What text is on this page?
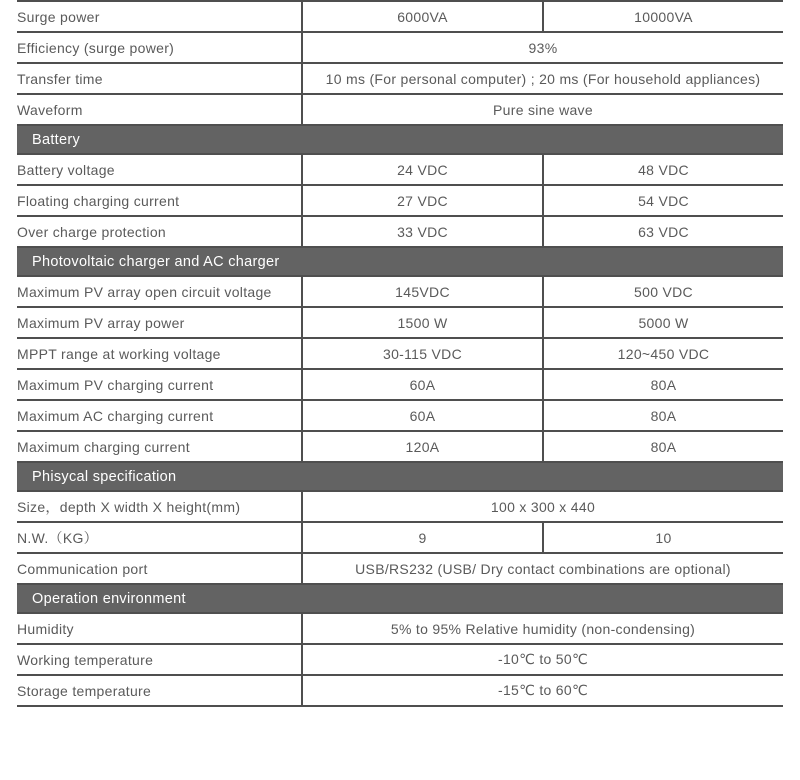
Surge power	6000VA	10000VA
Efficiency (surge power)	93%	
Transfer time	10 ms (For personal computer) ; 20 ms (For household appliances)	
Waveform	Pure sine wave	
Battery		
Battery voltage	24 VDC	48 VDC
Floating charging current	27 VDC	54 VDC
Over charge protection	33 VDC	63 VDC
Photovoltaic charger and AC charger		
Maximum PV array open circuit voltage	145VDC	500 VDC
Maximum PV array power	1500 W	5000 W
MPPT range at working voltage	30-115 VDC	120~450 VDC
Maximum PV charging current	60A	80A
Maximum AC charging current	60A	80A
Maximum charging current	120A	80A
Phisycal specification		
Size，depth X width X height(mm)	100 x 300 x 440	
N.W.（KG）	9	10
Communication port	USB/RS232 (USB/ Dry contact combinations are optional)	
Operation environment		
Humidity	5% to 95% Relative humidity (non-condensing)	
Working temperature	-10℃ to 50℃	
Storage temperature	-15℃ to 60℃	
